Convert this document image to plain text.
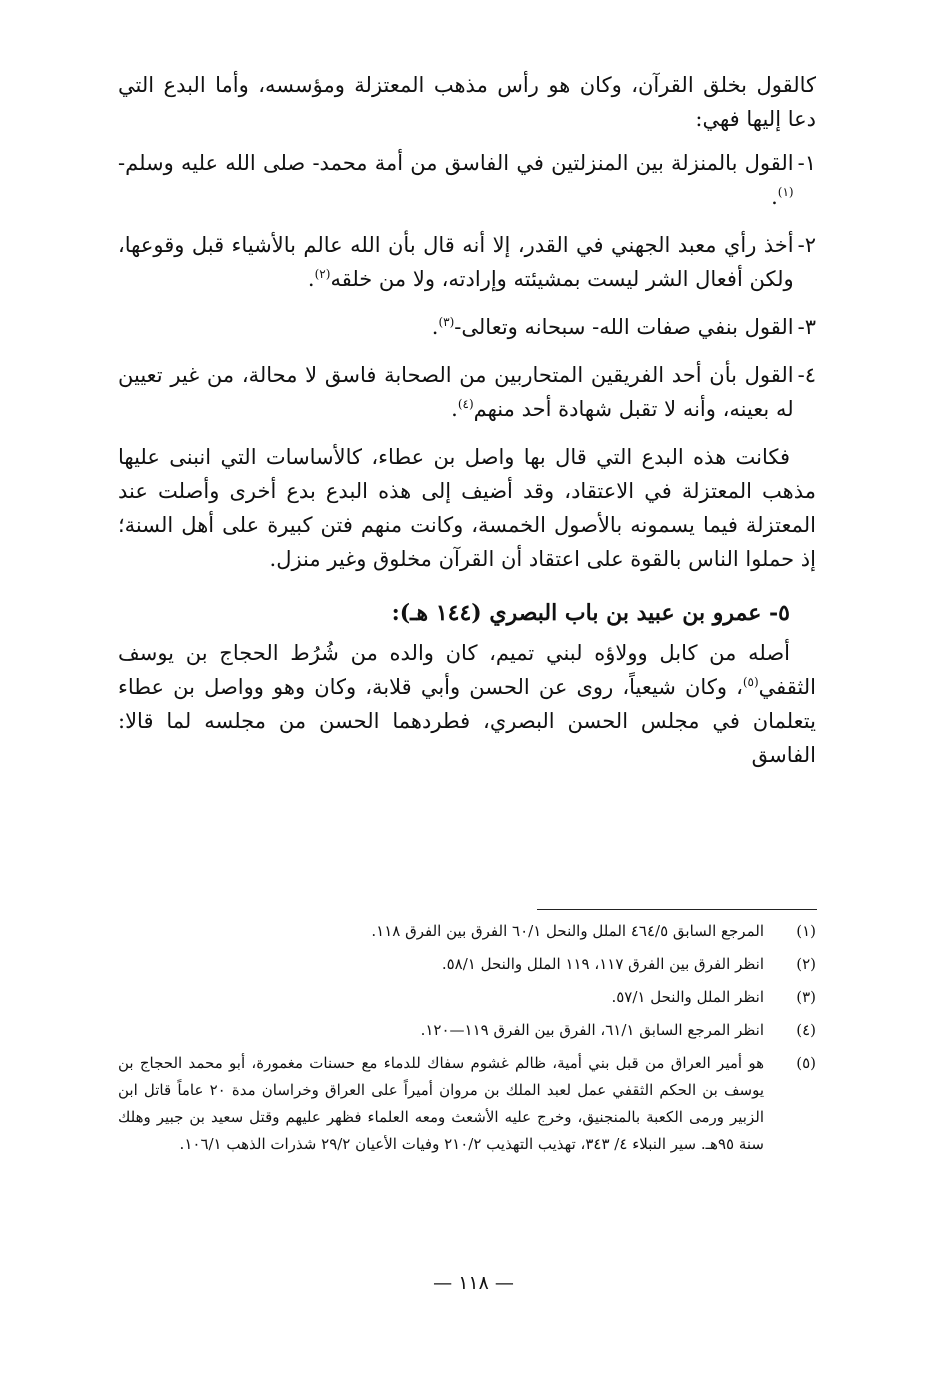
كالقول بخلق القرآن، وكان هو رأس مذهب المعتزلة ومؤسسه، وأما البدع التي دعا إليها فهي:

١-
القول بالمنزلة بين المنزلتين في الفاسق من أمة محمد- صلى الله عليه وسلم-$^{(١)}$.
٢-
أخذ رأي معبد الجهني في القدر، إلا أنه قال بأن الله عالم بالأشياء قبل وقوعها، ولكن أفعال الشر ليست بمشيئته وإرادته، ولا من خلقه$^{(٢)}$.
٣-
القول بنفي صفات الله- سبحانه وتعالى-$^{(٣)}$.
٤-
القول بأن أحد الفريقين المتحاربين من الصحابة فاسق لا محالة، من غير تعيين له بعينه، وأنه لا تقبل شهادة أحد منهم$^{(٤)}$.

فكانت هذه البدع التي قال بها واصل بن عطاء، كالأساسات التي انبنى عليها مذهب المعتزلة في الاعتقاد، وقد أضيف إلى هذه البدع بدع أخرى وأصلت عند المعتزلة فيما يسمونه بالأصول الخمسة، وكانت منهم فتن كبيرة على أهل السنة؛ إذ حملوا الناس بالقوة على اعتقاد أن القرآن مخلوق وغير منزل.

٥- عمرو بن عبيد بن باب البصري (١٤٤ هـ):

أصله من كابل وولاؤه لبني تميم، كان والده من شُرُط الحجاج بن يوسف الثقفي$^{(٥)}$، وكان شيعياً، روى عن الحسن وأبي قلابة، وكان وهو وواصل بن عطاء يتعلمان في مجلس الحسن البصري، فطردهما الحسن من مجلسه لما قالا: الفاسق

(١)
المرجع السابق ٤٦٤/٥ الملل والنحل ٦٠/١ الفرق بين الفرق ١١٨.
(٢)
انظر الفرق بين الفرق ١١٧، ١١٩ الملل والنحل ٥٨/١.
(٣)
انظر الملل والنحل ٥٧/١.
(٤)
انظر المرجع السابق ٦١/١، الفرق بين الفرق ١١٩—١٢٠.
(٥)
هو أمير العراق من قبل بني أمية، ظالم غشوم سفاك للدماء مع حسنات مغمورة، أبو محمد الحجاج بن يوسف بن الحكم الثقفي عمل لعبد الملك بن مروان أميراً على العراق وخراسان مدة ٢٠ عاماً قاتل ابن الزبير ورمى الكعبة بالمنجنيق، وخرج عليه الأشعث ومعه العلماء فظهر عليهم وقتل سعيد بن جبير وهلك سنة ٩٥هـ. سير النبلاء ٤/ ٣٤٣، تهذيب التهذيب ٢١٠/٢ وفيات الأعيان ٢٩/٢ شذرات الذهب ١٠٦/١.
— ١١٨ —
